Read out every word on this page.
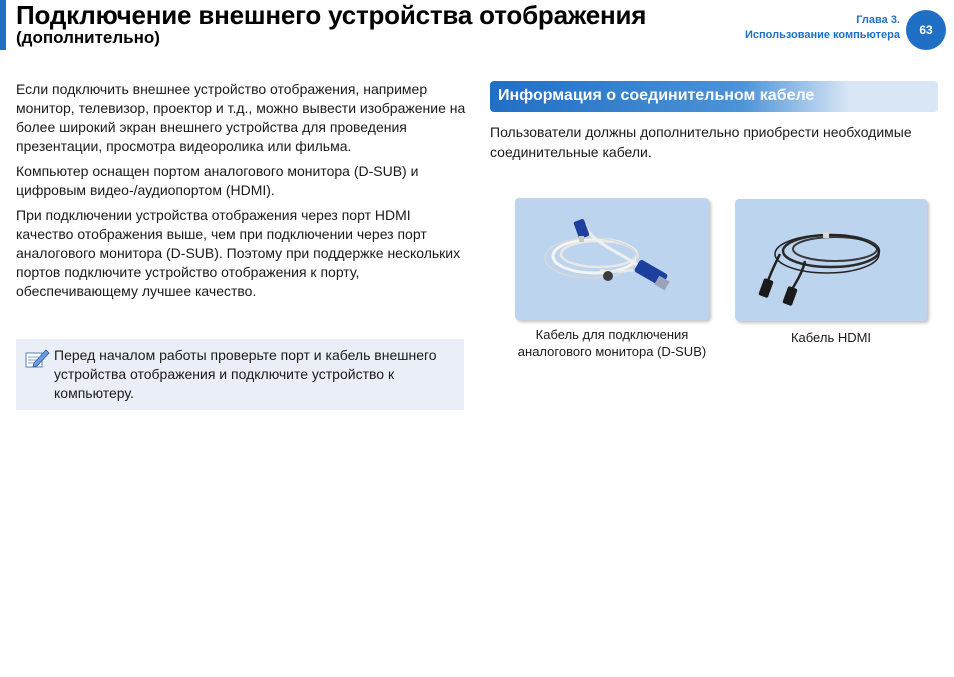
Подключение внешнего устройства отображения
(дополнительно)
Глава 3.
Использование компьютера	63

Если подключить внешнее устройство отображения, например монитор, телевизор, проектор и т.д., можно вывести изображение на более широкий экран внешнего устройства для проведения презентации, просмотра видеоролика или фильма.

Компьютер оснащен портом аналогового монитора (D-SUB) и цифровым видео-/аудиопортом (HDMI).

При подключении устройства отображения через порт HDMI качество отображения выше, чем при подключении через порт аналогового монитора (D-SUB). Поэтому при поддержке нескольких портов подключите устройство отображения к порту, обеспечивающему лучшее качество.

Перед началом работы проверьте порт и кабель внешнего устройства отображения и подключите устройство к компьютеру.
Информация о соединительном кабеле
Пользователи должны дополнительно приобрести необходимые соединительные кабели.
Кабель для подключения аналогового монитора (D-SUB)
Кабель HDMI
